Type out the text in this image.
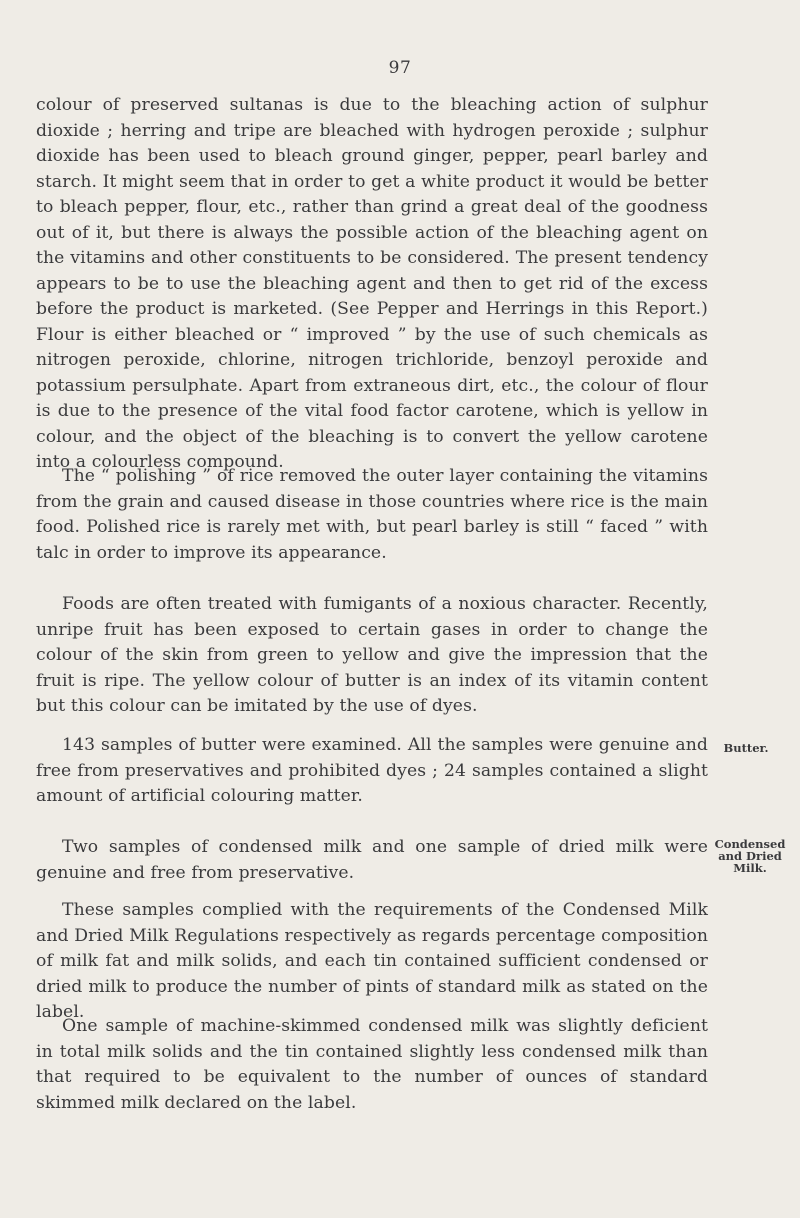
97

colour of preserved sultanas is due to the bleaching action of sulphur dioxide ; herring and tripe are bleached with hydrogen peroxide ; sulphur dioxide has been used to bleach ground ginger, pepper, pearl barley and starch. It might seem that in order to get a white product it would be better to bleach pepper, flour, etc., rather than grind a great deal of the goodness out of it, but there is always the possible action of the bleaching agent on the vitamins and other constituents to be considered. The present tendency appears to be to use the bleaching agent and then to get rid of the excess before the product is marketed. (See Pepper and Herrings in this Report.) Flour is either bleached or “ improved ” by the use of such chemicals as nitrogen peroxide, chlorine, nitrogen trichloride, benzoyl peroxide and potassium persulphate. Apart from extraneous dirt, etc., the colour of flour is due to the presence of the vital food factor carotene, which is yellow in colour, and the object of the bleaching is to convert the yellow carotene into a colourless compound.

The “ polishing ” of rice removed the outer layer containing the vitamins from the grain and caused disease in those countries where rice is the main food. Polished rice is rarely met with, but pearl barley is still “ faced ” with talc in order to improve its appearance.

Foods are often treated with fumigants of a noxious character. Recently, unripe fruit has been exposed to certain gases in order to change the colour of the skin from green to yellow and give the impression that the fruit is ripe. The yellow colour of butter is an index of its vitamin content but this colour can be imitated by the use of dyes.

143 samples of butter were examined. All the samples were genuine and free from preservatives and prohibited dyes ; 24 samples contained a slight amount of artificial colouring matter.

Butter.

Two samples of condensed milk and one sample of dried milk were genuine and free from preservative.

Condensed
and Dried
Milk.

These samples complied with the requirements of the Condensed Milk and Dried Milk Regulations respectively as regards percentage composition of milk fat and milk solids, and each tin contained sufficient condensed or dried milk to produce the number of pints of standard milk as stated on the label.

One sample of machine-skimmed condensed milk was slightly deficient in total milk solids and the tin contained slightly less condensed milk than that required to be equivalent to the number of ounces of standard skimmed milk declared on the label.
